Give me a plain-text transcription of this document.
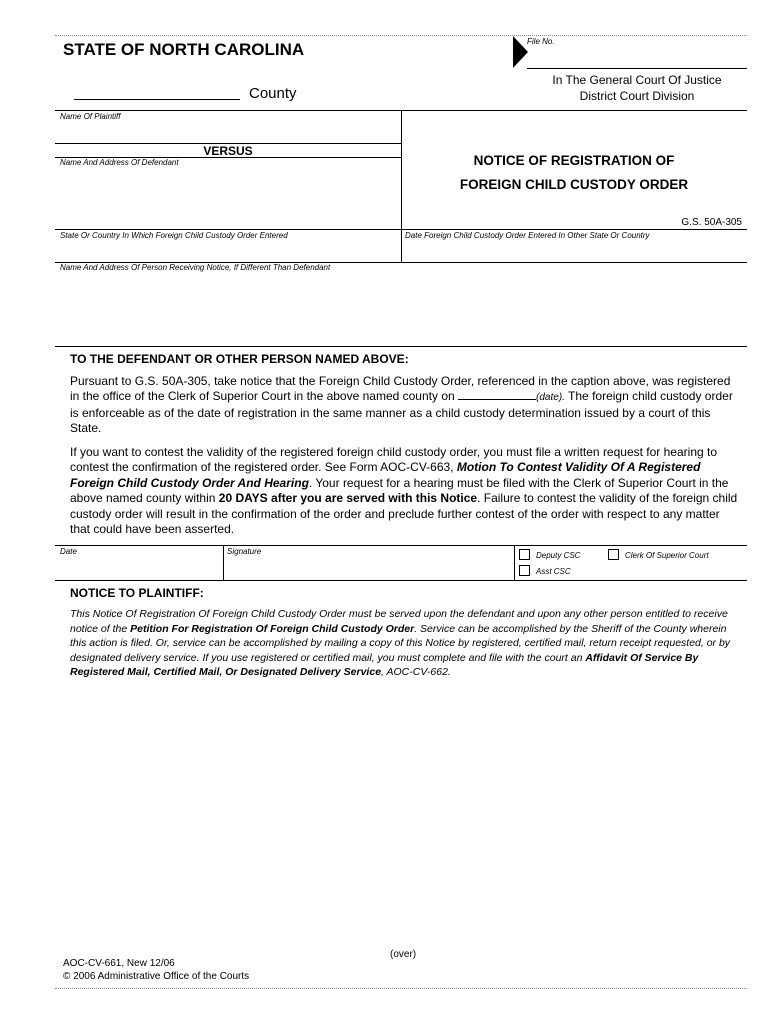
STATE OF NORTH CAROLINA
County
File No.
In The General Court Of Justice
District Court Division
Name Of Plaintiff
VERSUS
Name And Address Of Defendant	NOTICE OF REGISTRATION OF
FOREIGN CHILD CUSTODY ORDER
G.S. 50A-305
State Or Country In Which Foreign Child Custody Order Entered	Date Foreign Child Custody Order Entered In Other State Or Country
Name And Address Of Person Receiving Notice, If Different Than Defendant
TO THE DEFENDANT OR OTHER PERSON NAMED ABOVE:
Pursuant to G.S. 50A-305, take notice that the Foreign Child Custody Order, referenced in the caption above, was registered in the office of the Clerk of Superior Court in the above named county on	(date). The foreign child custody order is enforceable as of the date of registration in the same manner as a child custody determination issued by a court of this State.
If you want to contest the validity of the registered foreign child custody order, you must file a written request for hearing to contest the confirmation of the registered order. See Form AOC-CV-663, Motion To Contest Validity Of A Registered Foreign Child Custody Order And Hearing. Your request for a hearing must be filed with the Clerk of Superior Court in the above named county within 20 DAYS after you are served with this Notice. Failure to contest the validity of the foreign child custody order will result in the confirmation of the order and preclude further contest of the order with respect to any matter that could have been asserted.
Date	Signature	Deputy CSC	Clerk Of Superior Court
Asst CSC
NOTICE TO PLAINTIFF:
This Notice Of Registration Of Foreign Child Custody Order must be served upon the defendant and upon any other person entitled to receive notice of the Petition For Registration Of Foreign Child Custody Order. Service can be accomplished by the Sheriff of the County wherein this action is filed. Or, service can be accomplished by mailing a copy of this Notice by registered, certified mail, return receipt requested, or by designated delivery service. If you use registered or certified mail, you must complete and file with the court an Affidavit Of Service By Registered Mail, Certified Mail, Or Designated Delivery Service, AOC-CV-662.
(over)
AOC-CV-661, New 12/06
© 2006 Administrative Office of the Courts
